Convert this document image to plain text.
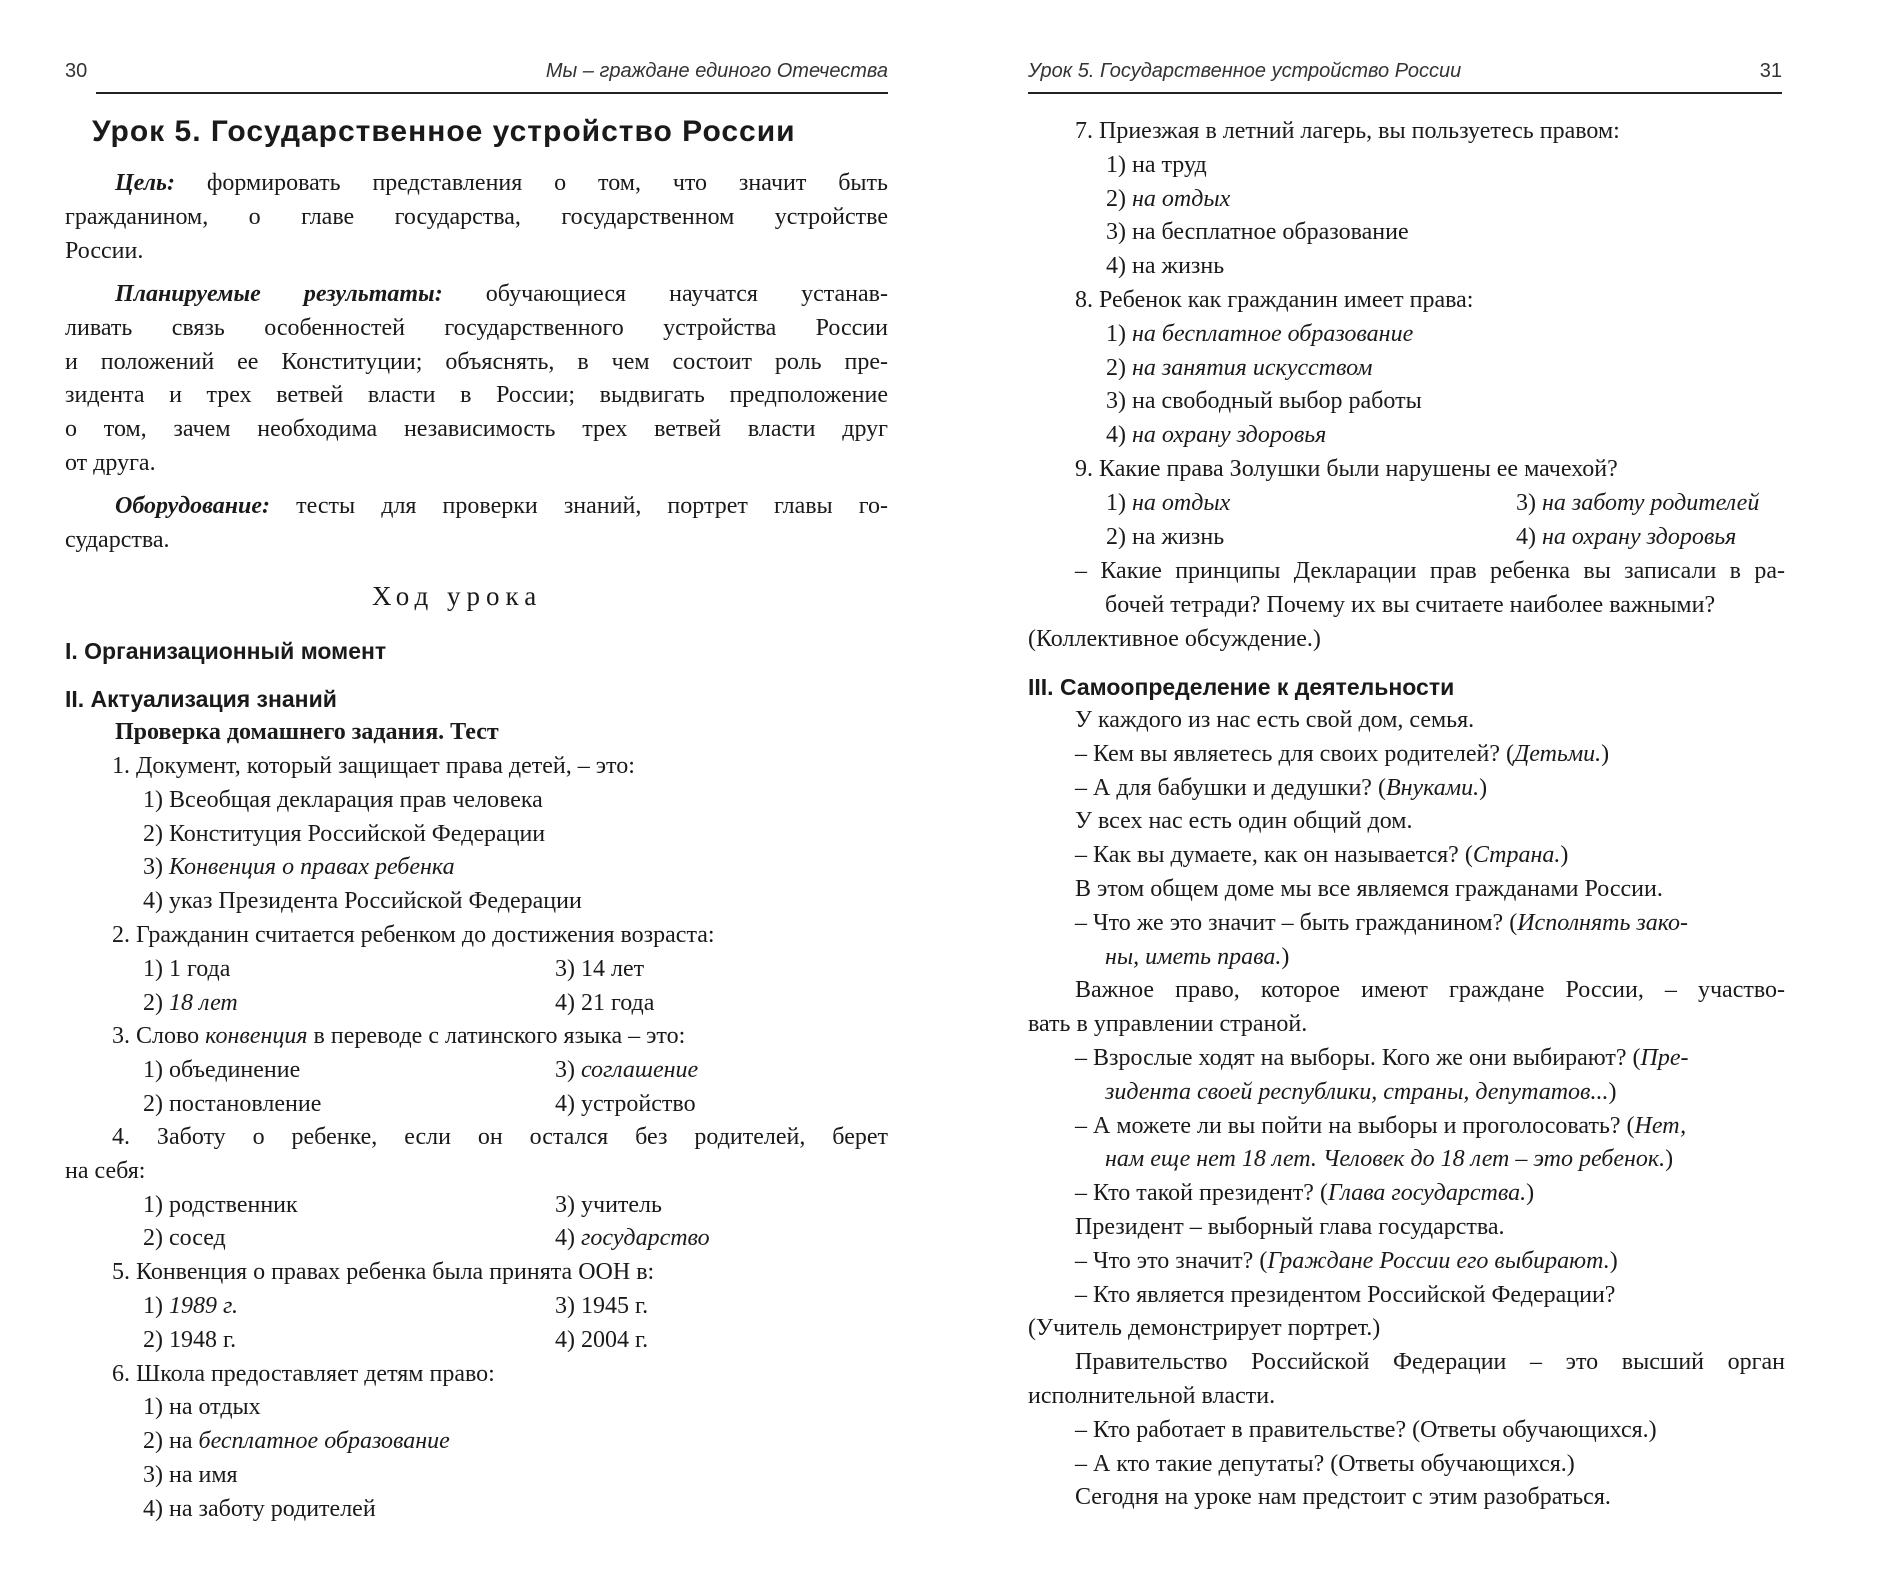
30	Мы – граждане единого Отечества
Урок 5. Государственное устройство России
Цель: формировать представления о том, что значит быть
гражданином, о главе государства, государственном устройстве
России.
Планируемые результаты: обучающиеся научатся устанав-
ливать связь особенностей государственного устройства России
и положений ее Конституции; объяснять, в чем состоит роль пре-
зидента и трех ветвей власти в России; выдвигать предположение
о том, зачем необходима независимость трех ветвей власти друг
от друга.
Оборудование: тесты для проверки знаний, портрет главы го-
сударства.
Ход урока
I. Организационный момент
II. Актуализация знаний
Проверка домашнего задания. Тест
1. Документ, который защищает права детей, – это:
1) Всеобщая декларация прав человека
2) Конституция Российской Федерации
3) Конвенция о правах ребенка
4) указ Президента Российской Федерации
2. Гражданин считается ребенком до достижения возраста:
1) 1 года	3) 14 лет
2) 18 лет	4) 21 года
3. Слово конвенция в переводе с латинского языка – это:
1) объединение	3) соглашение
2) постановление	4) устройство
4. Заботу о ребенке, если он остался без родителей, берет
на себя:
1) родственник	3) учитель
2) сосед	4) государство
5. Конвенция о правах ребенка была принята ООН в:
1) 1989 г.	3) 1945 г.
2) 1948 г.	4) 2004 г.
6. Школа предоставляет детям право:
1) на отдых
2) на бесплатное образование
3) на имя
4) на заботу родителей
Урок 5. Государственное устройство России	31
7. Приезжая в летний лагерь, вы пользуетесь правом:
1) на труд
2) на отдых
3) на бесплатное образование
4) на жизнь
8. Ребенок как гражданин имеет права:
1) на бесплатное образование
2) на занятия искусством
3) на свободный выбор работы
4) на охрану здоровья
9. Какие права Золушки были нарушены ее мачехой?
1) на отдых	3) на заботу родителей
2) на жизнь	4) на охрану здоровья
– Какие принципы Декларации прав ребенка вы записали в ра-
бочей тетради? Почему их вы считаете наиболее важными?
(Коллективное обсуждение.)
III. Самоопределение к деятельности
У каждого из нас есть свой дом, семья.
– Кем вы являетесь для своих родителей? (Детьми.)
– А для бабушки и дедушки? (Внуками.)
У всех нас есть один общий дом.
– Как вы думаете, как он называется? (Страна.)
В этом общем доме мы все являемся гражданами России.
– Что же это значит – быть гражданином? (Исполнять зако-
ны, иметь права.)
Важное право, которое имеют граждане России, – участво-
вать в управлении страной.
– Взрослые ходят на выборы. Кого же они выбирают? (Пре-
зидента своей республики, страны, депутатов...)
– А можете ли вы пойти на выборы и проголосовать? (Нет,
нам еще нет 18 лет. Человек до 18 лет – это ребенок.)
– Кто такой президент? (Глава государства.)
Президент – выборный глава государства.
– Что это значит? (Граждане России его выбирают.)
– Кто является президентом Российской Федерации?
(Учитель демонстрирует портрет.)
Правительство Российской Федерации – это высший орган
исполнительной власти.
– Кто работает в правительстве? (Ответы обучающихся.)
– А кто такие депутаты? (Ответы обучающихся.)
Сегодня на уроке нам предстоит с этим разобраться.
